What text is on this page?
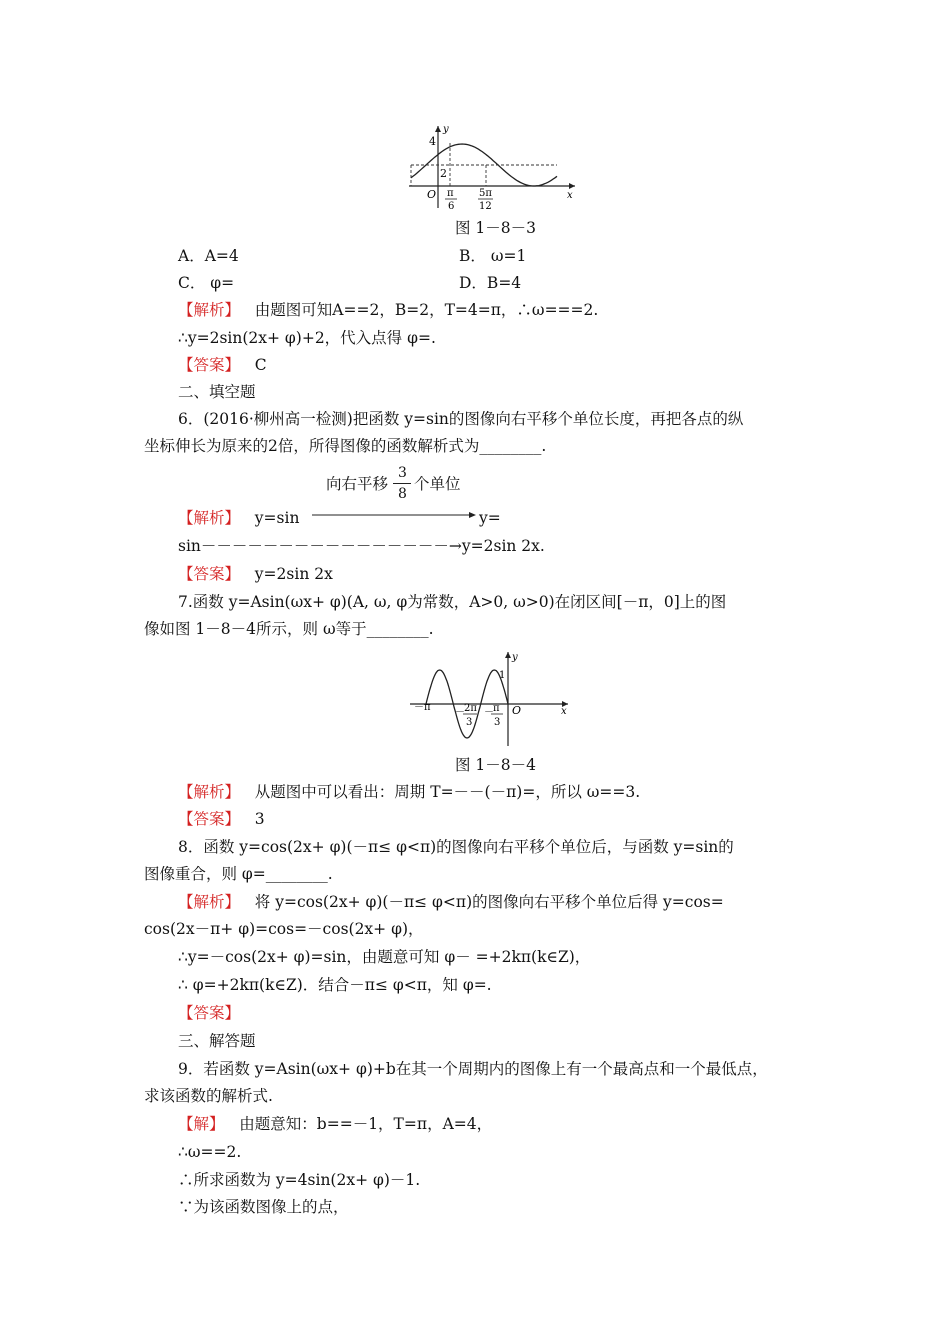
y
x
O
4
2
π
6
5π
12
图 1－8－3
A．A=4	B． ω=1
C． φ=	D．B=4
【解析】 由题图可知A==2，B=2，T=4=π，∴ω===2.
∴y=2sin(2x+ φ)+2，代入点得 φ=.
【答案】 C
二、填空题
6．(2016·柳州高一检测)把函数 y=sin的图像向右平移个单位长度，再把各点的纵
坐标伸长为原来的2倍，所得图像的函数解析式为________.
向右平移
3
8
个单位
【解析】 y=sin	y=
sin－－－－－－－－－－－－－－－－→y=2sin 2x.
【答案】 y=2sin 2x
7.函数 y=Asin(ωx+ φ)(A, ω, φ为常数，A>0, ω>0)在闭区间[－π，0]上的图
像如图 1－8－4所示，则 ω等于________.
y
x
1
O
－π － 2π
3
－ π
3
图 1－8－4
【解析】 从题图中可以看出：周期 T=－－(－π)=，所以 ω==3.
【答案】 3
8．函数 y=cos(2x+ φ)(－π≤ φ<π)的图像向右平移个单位后，与函数 y=sin的
图像重合，则 φ=________.
【解析】 将 y=cos(2x+ φ)(－π≤ φ<π)的图像向右平移个单位后得 y=cos=
cos(2x－π+ φ)=cos=－cos(2x+ φ)，
∴y=－cos(2x+ φ)=sin，由题意可知 φ－ =+2kπ(k∈Z)，
∴ φ=+2kπ(k∈Z)．结合－π≤ φ<π，知 φ=.
【答案】
三、解答题
9．若函数 y=Asin(ωx+ φ)+b在其一个周期内的图像上有一个最高点和一个最低点，
求该函数的解析式.
【解】 由题意知：b==－1，T=π，A=4，
∴ω==2.
∴所求函数为 y=4sin(2x+ φ)－1.
∵为该函数图像上的点，
